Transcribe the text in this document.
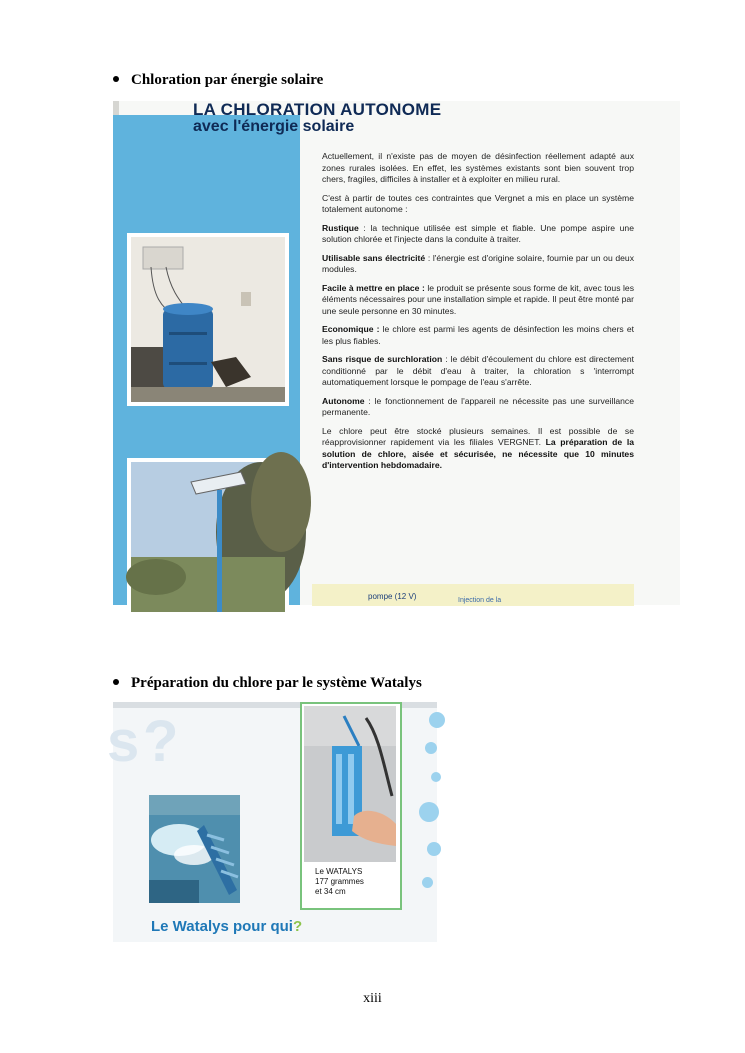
Chloration par énergie solaire
LA CHLORATION AUTONOME
avec l'énergie solaire

Actuellement, il n'existe pas de moyen de désinfection réellement adapté aux zones rurales isolées. En effet, les systèmes existants sont bien souvent trop chers, fragiles, difficiles à installer et à exploiter en milieu rural.

C'est à partir de toutes ces contraintes que Vergnet a mis en place un système totalement autonome :

Rustique : la technique utilisée est simple et fiable. Une pompe aspire une solution chlorée et l'injecte dans la conduite à traiter.

Utilisable sans électricité : l'énergie est d'origine solaire, fournie par un ou deux modules.

Facile à mettre en place : le produit se présente sous forme de kit, avec tous les éléments nécessaires pour une installation simple et rapide. Il peut être monté par une seule personne en 30 minutes.

Economique : le chlore est parmi les agents de désinfection les moins chers et les plus fiables.

Sans risque de surchloration : le débit d'écoulement du chlore est directement conditionné par le débit d'eau à traiter, la chloration s 'interrompt automatiquement lorsque le pompage de l'eau s'arrête.

Autonome : le fonctionnement de l'appareil ne nécessite pas une surveillance permanente.

Le chlore peut être stocké plusieurs semaines. Il est possible de se réapprovisionner rapidement via les filiales VERGNET. La préparation de la solution de chlore, aisée et sécurisée, ne nécessite que 10 minutes d'intervention hebdomadaire.

pompe (12 V)	Injection de la
Préparation du chlore par le système Watalys
s ?
Le WATALYS
177 grammes
et 34 cm
Le Watalys pour qui?
xiii
